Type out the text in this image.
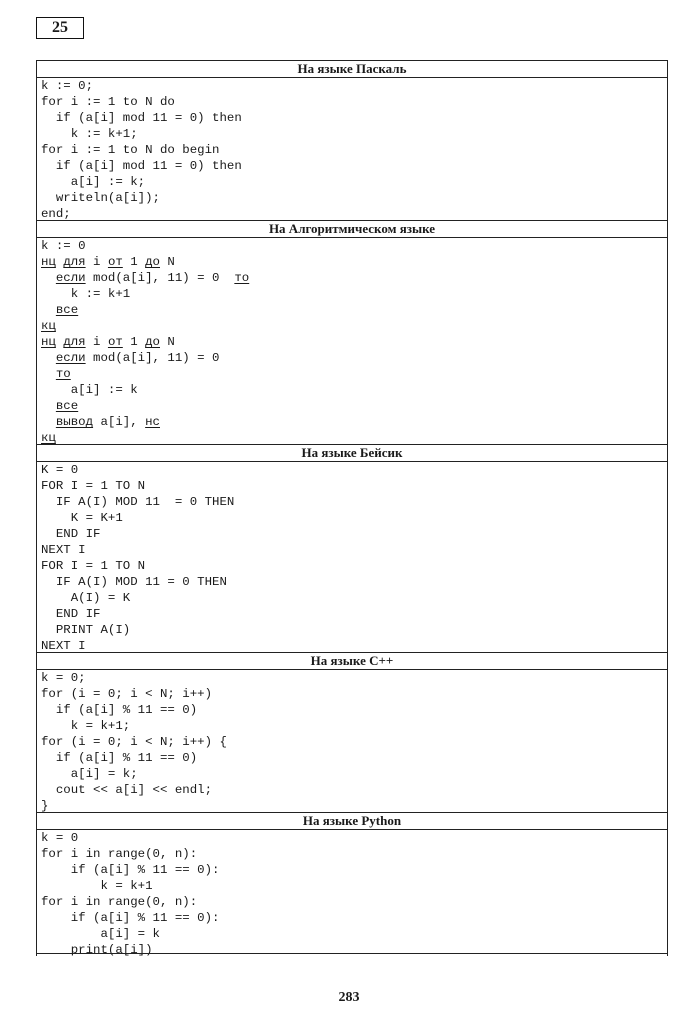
25
На языке Паскаль
k := 0;
for i := 1 to N do
if (a[i] mod 11 = 0) then
k := k+1;
for i := 1 to N do begin
if (a[i] mod 11 = 0) then
a[i] := k;
writeln(a[i]);
end;
На Алгоритмическом языке
k := 0
нц для i от 1 до N
если mod(a[i], 11) = 0  то
k := k+1
все
кц
нц для i от 1 до N
если mod(a[i], 11) = 0
то
a[i] := k
все
вывод a[i], нс
кц
На языке Бейсик
K = 0
FOR I = 1 TO N
IF A(I) MOD 11  = 0 THEN
K = K+1
END IF
NEXT I
FOR I = 1 TO N
IF A(I) MOD 11 = 0 THEN
A(I) = K
END IF
PRINT A(I)
NEXT I
На языке С++
k = 0;
for (i = 0; i < N; i++)
if (a[i] % 11 == 0)
k = k+1;
for (i = 0; i < N; i++) {
if (a[i] % 11 == 0)
a[i] = k;
cout << a[i] << endl;
}
На языке Python
k = 0
for i in range(0, n):
if (a[i] % 11 == 0):
k = k+1
for i in range(0, n):
if (a[i] % 11 == 0):
a[i] = k
print(a[i])
283
